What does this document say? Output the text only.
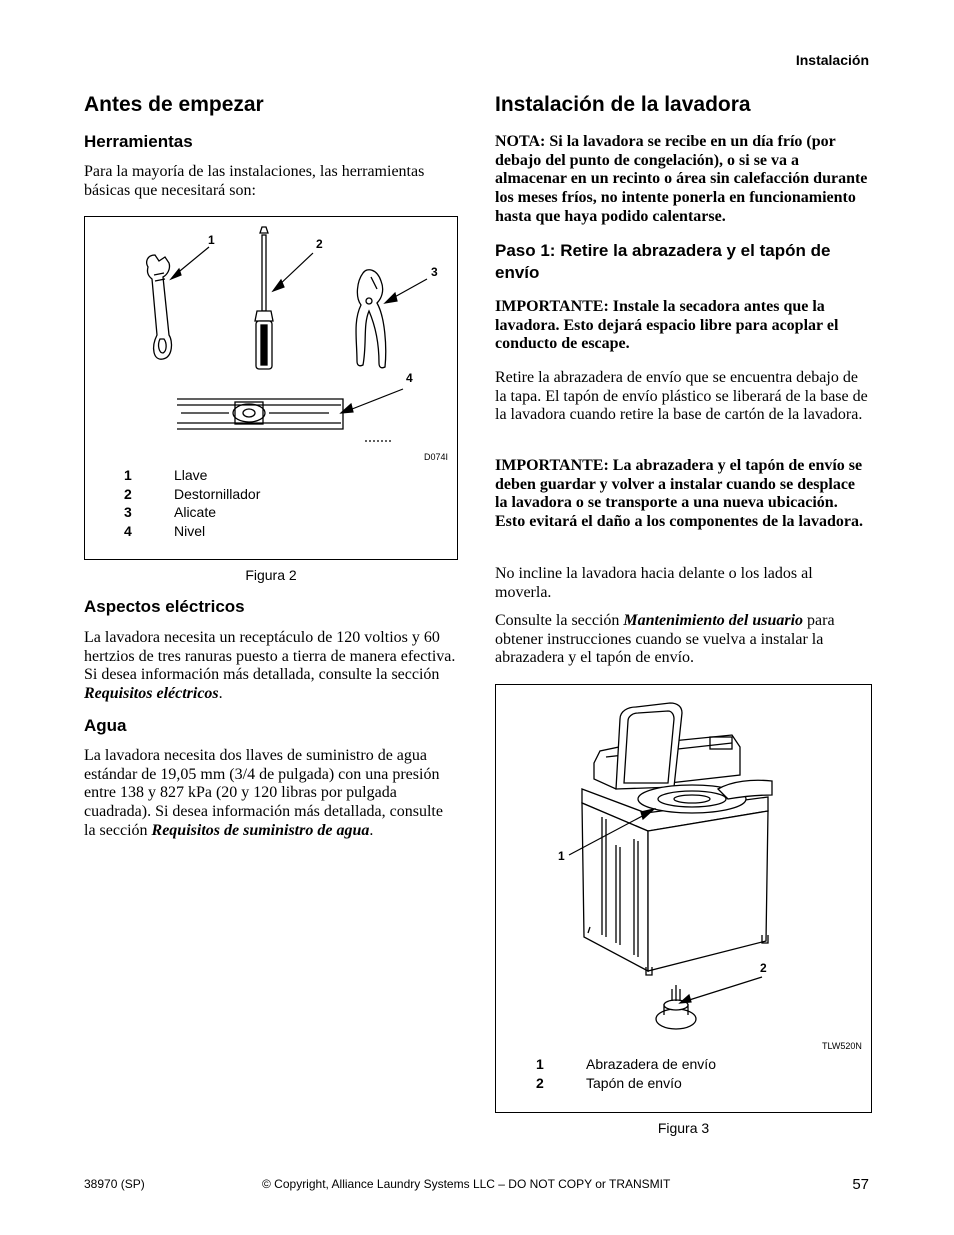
Instalación
Antes de empezar
Herramientas

Para la mayoría de las instalaciones, las herramientas básicas que necesitará son:

1	2
3
4
D074I
1	Llave
2	Destornillador
3	Alicate
4	Nivel
Figura 2
Aspectos eléctricos

La lavadora necesita un receptáculo de 120 voltios y 60 hertzios de tres ranuras puesto a tierra de manera efectiva. Si desea información más detallada, consulte la sección Requisitos eléctricos.

Agua

La lavadora necesita dos llaves de suministro de agua estándar de 19,05 mm (3/4 de pulgada) con una presión entre 138 y 827 kPa (20 y 120 libras por pulgada cuadrada). Si desea información más detallada, consulte la sección Requisitos de suministro de agua.

Instalación de la lavadora

NOTA: Si la lavadora se recibe en un día frío (por debajo del punto de congelación), o si se va a almacenar en un recinto o área sin calefacción durante los meses fríos, no intente ponerla en funcionamiento hasta que haya podido calentarse.

Paso 1: Retire la abrazadera y el tapón de envío

IMPORTANTE: Instale la secadora antes que la lavadora. Esto dejará espacio libre para acoplar el conducto de escape.

Retire la abrazadera de envío que se encuentra debajo de la tapa. El tapón de envío plástico se liberará de la base de la lavadora cuando retire la base de cartón de la lavadora.

IMPORTANTE: La abrazadera y el tapón de envío se deben guardar y volver a instalar cuando se desplace la lavadora o se transporte a una nueva ubicación. Esto evitará el daño a los componentes de la lavadora.

No incline la lavadora hacia delante o los lados al moverla.

Consulte la sección Mantenimiento del usuario para obtener instrucciones cuando se vuelva a instalar la abrazadera y el tapón de envío.

1
2
TLW520N
1	Abrazadera de envío
2	Tapón de envío
Figura 3
38970 (SP)	© Copyright, Alliance Laundry Systems LLC – DO NOT COPY or TRANSMIT	57
